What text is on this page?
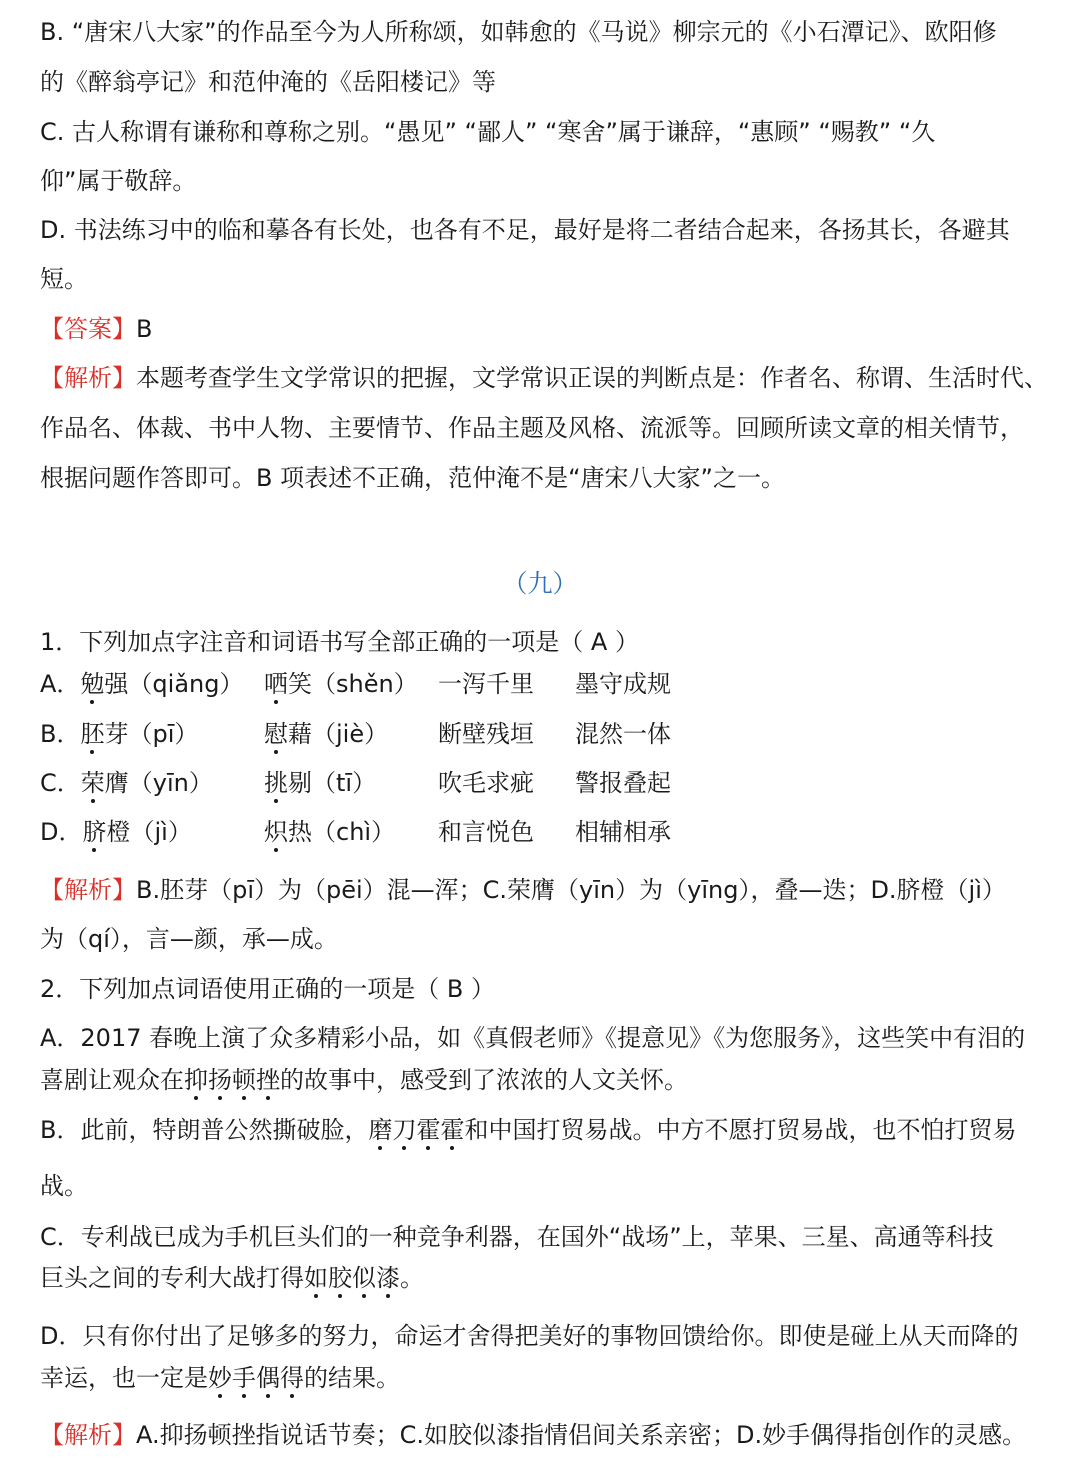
B. “唐宋八大家”的作品至今为人所称颂，如韩愈的《马说》柳宗元的《小石潭记》、欧阳修
的《醉翁亭记》和范仲淹的《岳阳楼记》等
C. 古人称谓有谦称和尊称之别。“愚见” “鄙人” “寒舍”属于谦辞，“惠顾” “赐教” “久
仰”属于敬辞。
D. 书法练习中的临和摹各有长处，也各有不足，最好是将二者结合起来，各扬其长，各避其
短。
【答案】B
【解析】本题考查学生文学常识的把握，文学常识正误的判断点是：作者名、称谓、生活时代、
作品名、体裁、书中人物、主要情节、作品主题及风格、流派等。回顾所读文章的相关情节，
根据问题作答即可。B 项表述不正确，范仲淹不是“唐宋八大家”之一。
（九）
1．下列加点字注音和词语书写全部正确的一项是（ A ）
A．勉强（qiǎng） 哂笑（shěn） 一泻千里 墨守成规
B．胚芽（pī）	慰藉（jiè） 断壁残垣 混然一体
C．荣膺（yīn） 挑剔（tī）	吹毛求疵 警报叠起
D．脐橙（jì）	炽热（chì） 和言悦色 相辅相承
【解析】B.胚芽（pī）为（pēi）混—浑；C.荣膺（yīn）为（yīng），叠—迭；D.脐橙（jì）
为（qí），言—颜，承—成。
2．下列加点词语使用正确的一项是（ B ）
A．2017 春晚上演了众多精彩小品，如《真假老师》《提意见》《为您服务》，这些笑中有泪的
喜剧让观众在抑扬顿挫的故事中，感受到了浓浓的人文关怀。
B．此前，特朗普公然撕破脸，磨刀霍霍和中国打贸易战。中方不愿打贸易战，也不怕打贸易
战。
C．专利战已成为手机巨头们的一种竞争利器，在国外“战场”上，苹果、三星、高通等科技
巨头之间的专利大战打得如胶似漆。
D．只有你付出了足够多的努力，命运才舍得把美好的事物回馈给你。即使是碰上从天而降的
幸运，也一定是妙手偶得的结果。
【解析】A.抑扬顿挫指说话节奏；C.如胶似漆指情侣间关系亲密；D.妙手偶得指创作的灵感。
